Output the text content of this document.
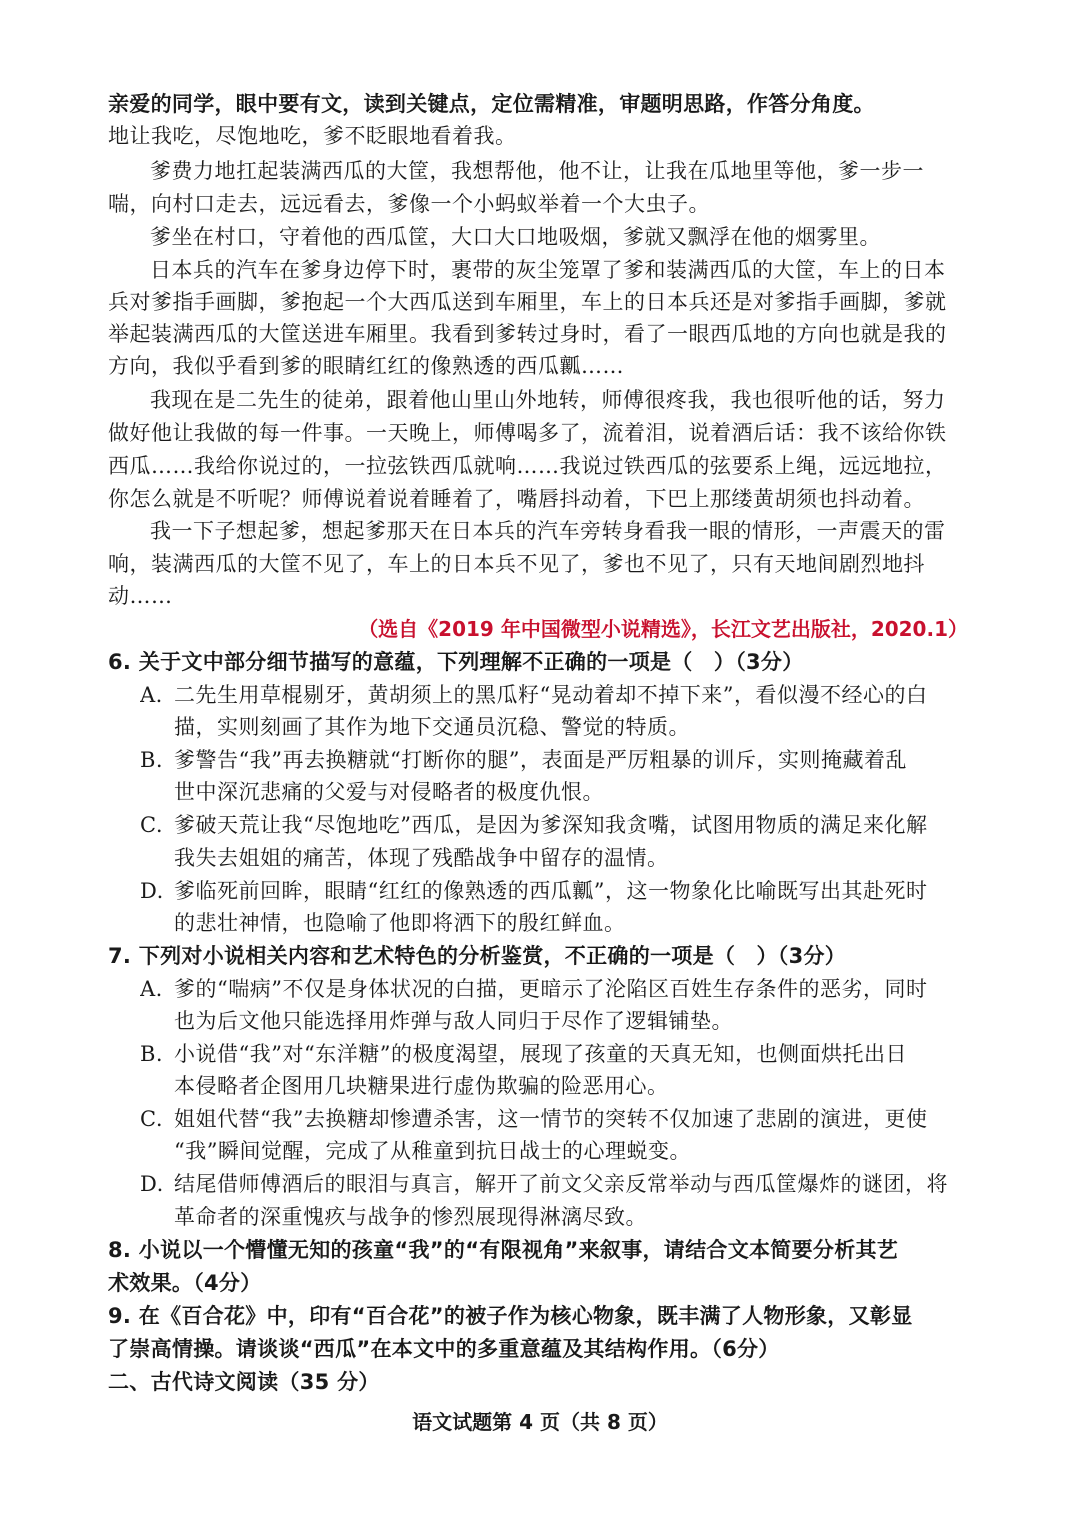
亲爱的同学，眼中要有文，读到关键点，定位需精准，审题明思路，作答分角度。
地让我吃，尽饱地吃，爹不眨眼地看着我。
爹费力地扛起装满西瓜的大筐，我想帮他，他不让，让我在瓜地里等他，爹一步一
喘，向村口走去，远远看去，爹像一个小蚂蚁举着一个大虫子。
爹坐在村口，守着他的西瓜筐，大口大口地吸烟，爹就又飘浮在他的烟雾里。
日本兵的汽车在爹身边停下时，裹带的灰尘笼罩了爹和装满西瓜的大筐，车上的日本
兵对爹指手画脚，爹抱起一个大西瓜送到车厢里，车上的日本兵还是对爹指手画脚，爹就
举起装满西瓜的大筐送进车厢里。我看到爹转过身时，看了一眼西瓜地的方向也就是我的
方向，我似乎看到爹的眼睛红红的像熟透的西瓜瓤……
我现在是二先生的徒弟，跟着他山里山外地转，师傅很疼我，我也很听他的话，努力
做好他让我做的每一件事。一天晚上，师傅喝多了，流着泪，说着酒后话：我不该给你铁
西瓜……我给你说过的，一拉弦铁西瓜就响……我说过铁西瓜的弦要系上绳，远远地拉，
你怎么就是不听呢？师傅说着说着睡着了，嘴唇抖动着，下巴上那缕黄胡须也抖动着。
我一下子想起爹，想起爹那天在日本兵的汽车旁转身看我一眼的情形，一声震天的雷
响，装满西瓜的大筐不见了，车上的日本兵不见了，爹也不见了，只有天地间剧烈地抖
动……
（选自《2019 年中国微型小说精选》，长江文艺出版社，2020.1）
6. 关于文中部分细节描写的意蕴，下列理解不正确的一项是（　）（3分）
A. 二先生用草棍剔牙，黄胡须上的黑瓜籽“晃动着却不掉下来”，看似漫不经心的白
描，实则刻画了其作为地下交通员沉稳、警觉的特质。
B. 爹警告“我”再去换糖就“打断你的腿”，表面是严厉粗暴的训斥，实则掩藏着乱
世中深沉悲痛的父爱与对侵略者的极度仇恨。
C. 爹破天荒让我“尽饱地吃”西瓜，是因为爹深知我贪嘴，试图用物质的满足来化解
我失去姐姐的痛苦，体现了残酷战争中留存的温情。
D. 爹临死前回眸，眼睛“红红的像熟透的西瓜瓤”，这一物象化比喻既写出其赴死时
的悲壮神情，也隐喻了他即将洒下的殷红鲜血。
7. 下列对小说相关内容和艺术特色的分析鉴赏，不正确的一项是（　）（3分）
A. 爹的“喘病”不仅是身体状况的白描，更暗示了沦陷区百姓生存条件的恶劣，同时
也为后文他只能选择用炸弹与敌人同归于尽作了逻辑铺垫。
B. 小说借“我”对“东洋糖”的极度渴望，展现了孩童的天真无知，也侧面烘托出日
本侵略者企图用几块糖果进行虚伪欺骗的险恶用心。
C. 姐姐代替“我”去换糖却惨遭杀害，这一情节的突转不仅加速了悲剧的演进，更使
“我”瞬间觉醒，完成了从稚童到抗日战士的心理蜕变。
D. 结尾借师傅酒后的眼泪与真言，解开了前文父亲反常举动与西瓜筐爆炸的谜团，将
革命者的深重愧疚与战争的惨烈展现得淋漓尽致。
8. 小说以一个懵懂无知的孩童“我”的“有限视角”来叙事，请结合文本简要分析其艺
术效果。（4分）
9. 在《百合花》中，印有“百合花”的被子作为核心物象，既丰满了人物形象，又彰显
了崇高情操。请谈谈“西瓜”在本文中的多重意蕴及其结构作用。（6分）
二、古代诗文阅读（35 分）
语文试题第 4 页（共 8 页）
